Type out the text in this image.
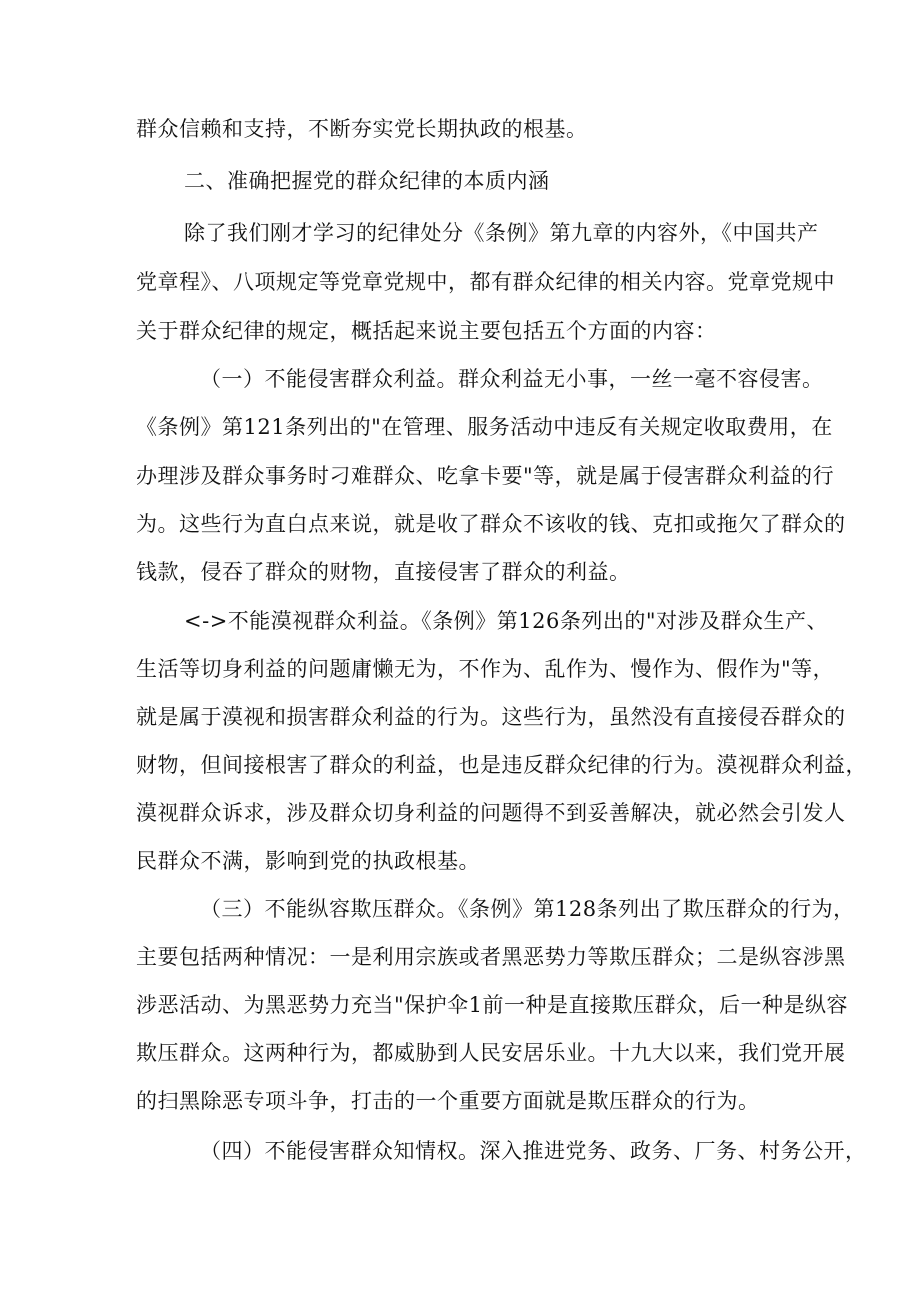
群众信赖和支持，不断夯实党长期执政的根基。
二、准确把握党的群众纪律的本质内涵
除了我们刚才学习的纪律处分《条例》第九章的内容外，《中国共产
党章程》、八项规定等党章党规中，都有群众纪律的相关内容。党章党规中
关于群众纪律的规定，概括起来说主要包括五个方面的内容：
（一）不能侵害群众利益。群众利益无小事，一丝一毫不容侵害。
《条例》第121条列出的"在管理、服务活动中违反有关规定收取费用，在
办理涉及群众事务时刁难群众、吃拿卡要"等，就是属于侵害群众利益的行
为。这些行为直白点来说，就是收了群众不该收的钱、克扣或拖欠了群众的
钱款，侵吞了群众的财物，直接侵害了群众的利益。
<->不能漠视群众利益。《条例》第126条列出的"对涉及群众生产、
生活等切身利益的问题庸懒无为，不作为、乱作为、慢作为、假作为"等，
就是属于漠视和损害群众利益的行为。这些行为，虽然没有直接侵吞群众的
财物，但间接根害了群众的利益，也是违反群众纪律的行为。漠视群众利益，
漠视群众诉求，涉及群众切身利益的问题得不到妥善解决，就必然会引发人
民群众不满，影响到党的执政根基。
（三）不能纵容欺压群众。《条例》第128条列出了欺压群众的行为，
主要包括两种情况：一是利用宗族或者黑恶势力等欺压群众；二是纵容涉黑
涉恶活动、为黑恶势力充当"保护伞1前一种是直接欺压群众，后一种是纵容
欺压群众。这两种行为，都威胁到人民安居乐业。十九大以来，我们党开展
的扫黑除恶专项斗争，打击的一个重要方面就是欺压群众的行为。
（四）不能侵害群众知情权。深入推进党务、政务、厂务、村务公开，
